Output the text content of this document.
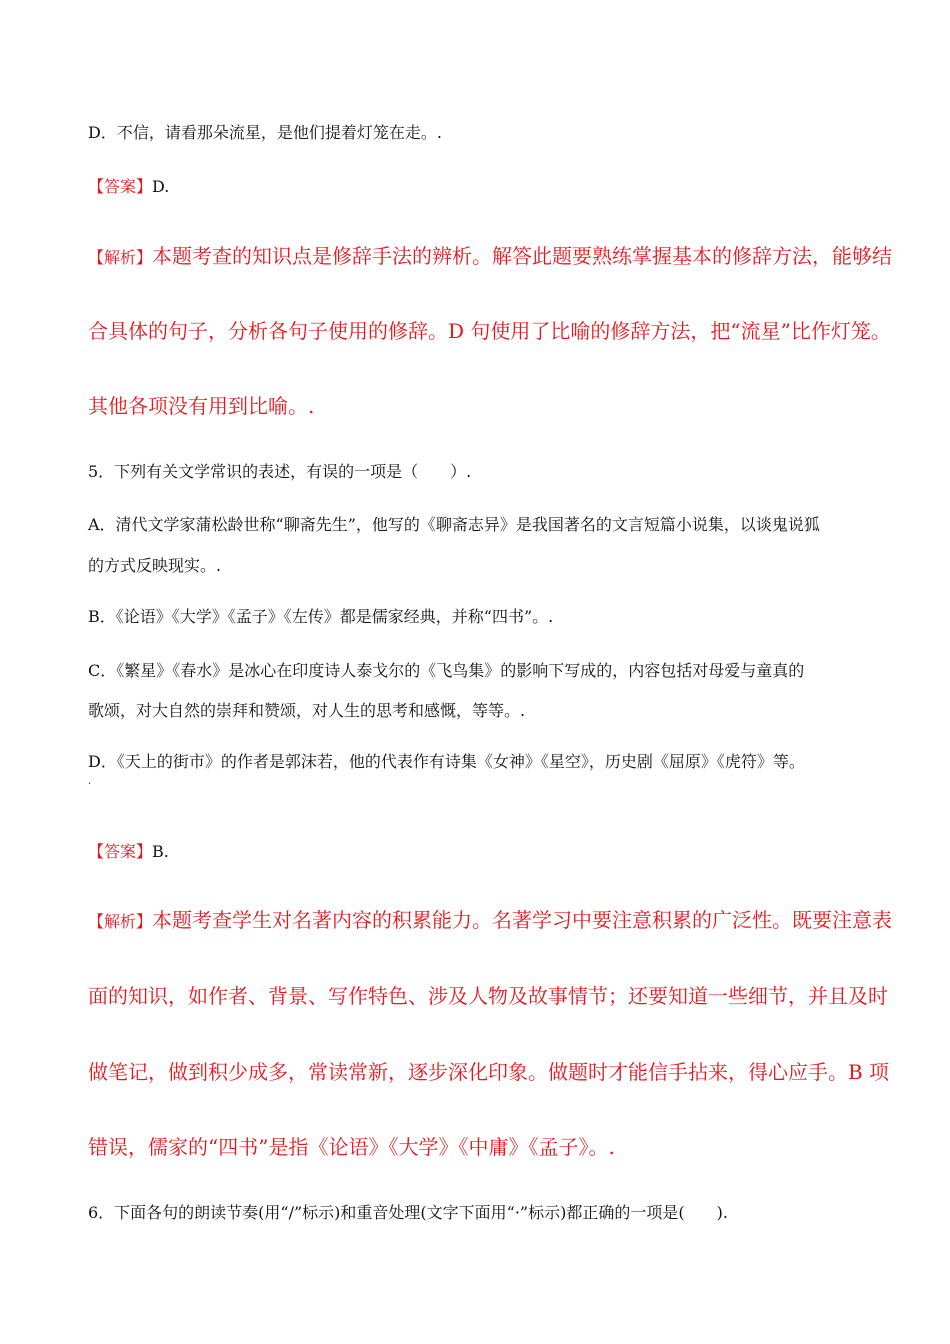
D．不信，请看那朵流星，是他们提着灯笼在走。.
【答案】D.
【解析】本题考查的知识点是修辞手法的辨析。解答此题要熟练掌握基本的修辞方法，能够结
合具体的句子，分析各句子使用的修辞。D 句使用了比喻的修辞方法，把“流星”比作灯笼。
其他各项没有用到比喻。.
5．下列有关文学常识的表述，有误的一项是（　　）.
A．清代文学家蒲松龄世称“聊斋先生”，他写的《聊斋志异》是我国著名的文言短篇小说集，以谈鬼说狐
的方式反映现实。.
B．《论语》《大学》《孟子》《左传》都是儒家经典，并称“四书”。.
C．《繁星》《春水》是冰心在印度诗人泰戈尔的《飞鸟集》的影响下写成的，内容包括对母爱与童真的
歌颂，对大自然的崇拜和赞颂，对人生的思考和感慨，等等。.
D．《天上的街市》的作者是郭沫若，他的代表作有诗集《女神》《星空》，历史剧《屈原》《虎符》等。
.
【答案】B.
【解析】本题考查学生对名著内容的积累能力。名著学习中要注意积累的广泛性。既要注意表
面的知识，如作者、背景、写作特色、涉及人物及故事情节；还要知道一些细节，并且及时
做笔记，做到积少成多，常读常新，逐步深化印象。做题时才能信手拈来，得心应手。B 项
错误，儒家的“四书”是指《论语》《大学》《中庸》《孟子》。.
6．下面各句的朗读节奏(用“/”标示)和重音处理(文字下面用“·”标示)都正确的一项是(　　).
